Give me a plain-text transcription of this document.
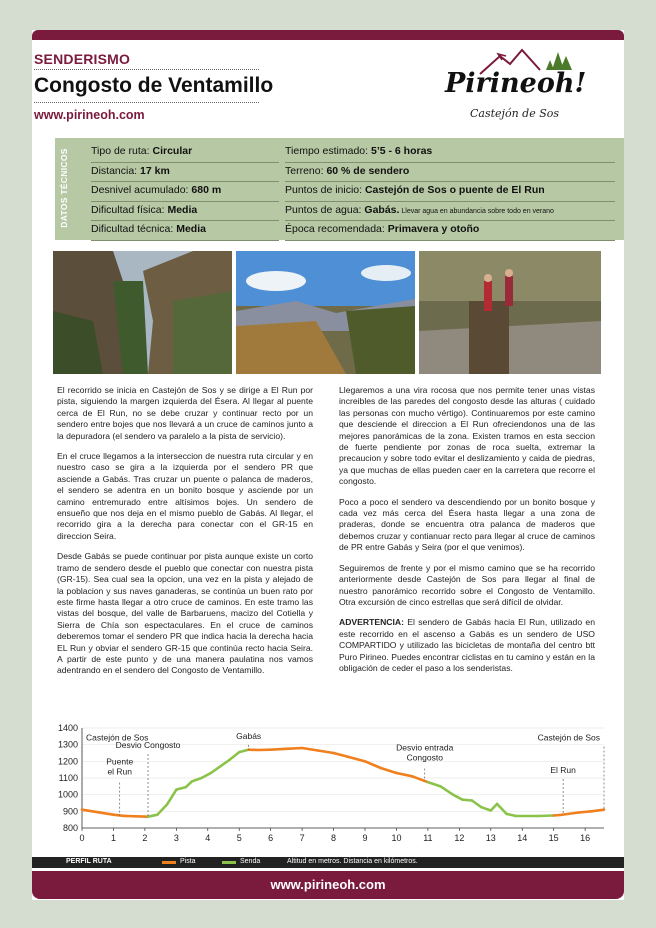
SENDERISMO
Congosto de Ventamillo
www.pirineoh.com
Pirineoh!
Castejón de Sos
DATOS TÉCNICOS Tipo de ruta: Circular
Distancia: 17 km
Desnivel acumulado: 680 m
Dificultad física: Media
Dificultad técnica: Media
Tiempo estimado: 5’5 - 6 horas
Terreno: 60 % de sendero
Puntos de inicio: Castejón de Sos o puente de El Run
Puntos de agua: Gabás. Llevar agua en abundancia sobre todo en verano
Época recomendada: Primavera y otoño

El recorrido se inicia en Castejón de Sos y se dirige a El Run por pista, siguiendo la margen izquierda del Ésera. Al llegar al puente cerca de El Run, no se debe cruzar y continuar recto por un sendero entre bojes que nos llevará a un cruce de caminos junto a la depuradora (el sendero va paralelo a la pista de servicio).

En el cruce llegamos a la interseccion de nuestra ruta circular y en nuestro caso se gira a la izquierda por el sendero PR que asciende a Gabás. Tras cruzar un puente o palanca de maderos, el sendero se adentra en un bonito bosque y asciende por un camino entremurado entre altísimos bojes. Un sendero de ensueño que nos deja en el mismo pueblo de Gabás. Al llegar, el recorrido gira a la derecha para conectar con el GR-15 en direccion Seira.

Desde Gabás se puede continuar por pista aunque existe un corto tramo de sendero desde el pueblo que conectar con nuestra pista (GR-15). Sea cual sea la opcion, una vez en la pista y alejado de la poblacion y sus naves ganaderas, se continúa un buen rato por este firme hasta llegar a otro cruce de caminos. En este tramo las vistas del bosque, del valle de Barbaruens, macizo del Cotiella y Sierra de Chía son espectaculares. En el cruce de caminos deberemos tomar el sendero PR que indica hacia la derecha hacia EL Run y obviar el sendero GR-15 que continúa recto hacia Seira. A partir de este punto y de una manera paulatina nos vamos adentrando en el sendero del Congosto de Ventamillo.

Llegaremos a una vira rocosa que nos permite tener unas vistas increibles de las paredes del congosto desde las alturas ( cuidado las personas con mucho vértigo). Continuaremos por este camino que desciende el direccion a El Run ofreciendonos una de las mejores panorámicas de la zona. Existen tramos en esta seccion de fuerte pendiente por zonas de roca suelta, extremar la precaucion y sobre todo evitar el deslizamiento y caida de piedras, ya que muchas de ellas pueden caer en la carretera que recorre el congosto.

Poco a poco el sendero va descendiendo por un bonito bosque y cada vez más cerca del Ésera hasta llegar a una zona de praderas, donde se encuentra otra palanca de maderos que debemos cruzar y contianuar recto para llegar al cruce de caminos de PR entre Gabás y Seira (por el que venimos).

Seguiremos de frente y por el mismo camino que se ha recorrido anteriormente desde Castejón de Sos para llegar al final de nuestro panorámico recorrido sobre el Congosto de Ventamillo. Otra excursión de cinco estrellas que será difícil de olvidar.

ADVERTENCIA: El sendero de Gabás hacia El Run, utilizado en este recorrido en el ascenso a Gabás es un sendero de USO COMPARTIDO y utilizado las bicicletas de montaña del centro btt Puro Pirineo. Puedes encontrar ciclistas en tu camino y están en la obligación de ceder el paso a los senderistas.

800
900
1000
1100
1200
1300
1400
0	1	2	3	4	5	6	7	8	9	10 11 12 13 14 15 16
Castejón de Sos
Puente
el Run
Desvio Congosto
Gabás
Desvio entrada
Congosto
El Run
Castejón de Sos
PERFIL RUTA	Pista	Senda	Altitud en metros. Distancia en kilómetros.
www.pirineoh.com
